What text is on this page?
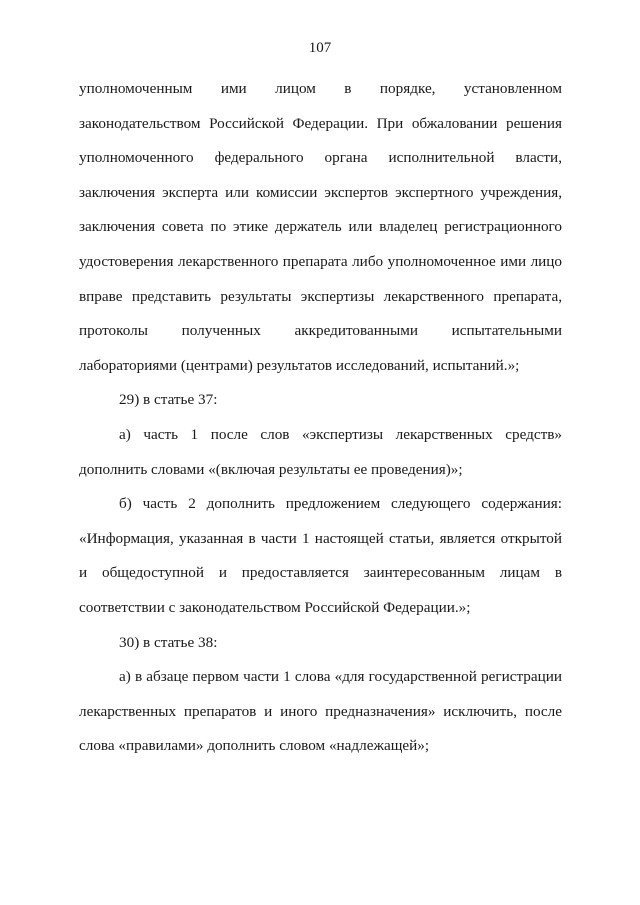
107

уполномоченным ими лицом в порядке, установленном законодательством Российской Федерации. При обжаловании решения уполномоченного федерального органа исполнительной власти, заключения эксперта или комиссии экспертов экспертного учреждения, заключения совета по этике держатель или владелец регистрационного удостоверения лекарственного препарата либо уполномоченное ими лицо вправе представить результаты экспертизы лекарственного препарата, протоколы полученных аккредитованными испытательными лабораториями (центрами) результатов исследований, испытаний.»;

29) в статье 37:

а) часть 1 после слов «экспертизы лекарственных средств» дополнить словами «(включая результаты ее проведения)»;

б) часть 2 дополнить предложением следующего содержания: «Информация, указанная в части 1 настоящей статьи, является открытой и общедоступной и предоставляется заинтересованным лицам в соответствии с законодательством Российской Федерации.»;

30) в статье 38:

а) в абзаце первом части 1 слова «для государственной регистрации лекарственных препаратов и иного предназначения» исключить, после слова «правилами» дополнить словом «надлежащей»;
